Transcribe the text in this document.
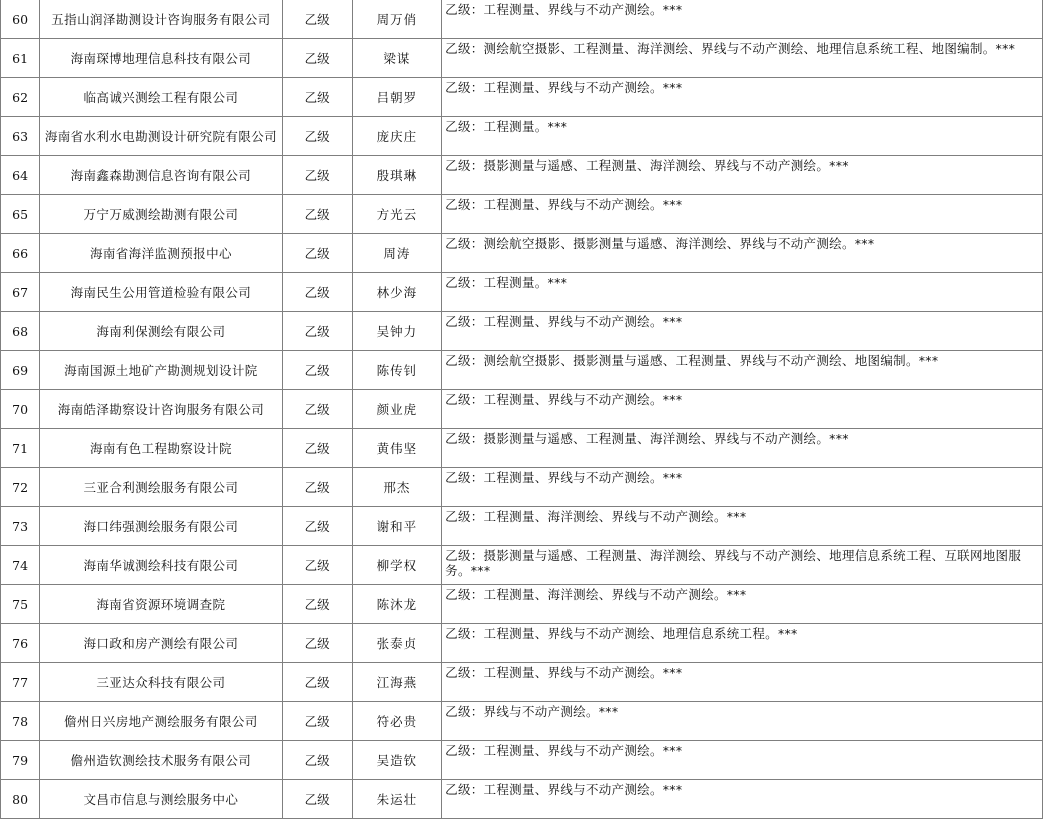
60	五指山润泽勘测设计咨询服务有限公司	乙级	周万俏	乙级：工程测量、界线与不动产测绘。***

61	海南琛博地理信息科技有限公司	乙级	梁谋	乙级：测绘航空摄影、工程测量、海洋测绘、界线与不动产测绘、地理信息系统工程、地图编制。***

62	临高诚兴测绘工程有限公司	乙级	吕朝罗	乙级：工程测量、界线与不动产测绘。***

63	海南省水利水电勘测设计研究院有限公司	乙级	庞庆庄	乙级：工程测量。***

64	海南鑫森勘测信息咨询有限公司	乙级	殷琪琳	乙级：摄影测量与遥感、工程测量、海洋测绘、界线与不动产测绘。***

65	万宁万威测绘勘测有限公司	乙级	方光云	乙级：工程测量、界线与不动产测绘。***

66	海南省海洋监测预报中心	乙级	周涛	乙级：测绘航空摄影、摄影测量与遥感、海洋测绘、界线与不动产测绘。***

67	海南民生公用管道检验有限公司	乙级	林少海	乙级：工程测量。***

68	海南利保测绘有限公司	乙级	吴钟力	乙级：工程测量、界线与不动产测绘。***

69	海南国源土地矿产勘测规划设计院	乙级	陈传钊	乙级：测绘航空摄影、摄影测量与遥感、工程测量、界线与不动产测绘、地图编制。***

70	海南皓泽勘察设计咨询服务有限公司	乙级	颜业虎	乙级：工程测量、界线与不动产测绘。***

71	海南有色工程勘察设计院	乙级	黄伟坚	乙级：摄影测量与遥感、工程测量、海洋测绘、界线与不动产测绘。***

72	三亚合利测绘服务有限公司	乙级	邢杰	乙级：工程测量、界线与不动产测绘。***

73	海口纬强测绘服务有限公司	乙级	谢和平	乙级：工程测量、海洋测绘、界线与不动产测绘。***

74	海南华诚测绘科技有限公司	乙级	柳学权	乙级：摄影测量与遥感、工程测量、海洋测绘、界线与不动产测绘、地理信息系统工程、互联网地图服务。***

75	海南省资源环境调查院	乙级	陈沐龙	乙级：工程测量、海洋测绘、界线与不动产测绘。***

76	海口政和房产测绘有限公司	乙级	张泰贞	乙级：工程测量、界线与不动产测绘、地理信息系统工程。***

77	三亚达众科技有限公司	乙级	江海燕	乙级：工程测量、界线与不动产测绘。***

78	儋州日兴房地产测绘服务有限公司	乙级	符必贵	乙级：界线与不动产测绘。***

79	儋州造钦测绘技术服务有限公司	乙级	吴造钦	乙级：工程测量、界线与不动产测绘。***

80	文昌市信息与测绘服务中心	乙级	朱运壮	乙级：工程测量、界线与不动产测绘。***
